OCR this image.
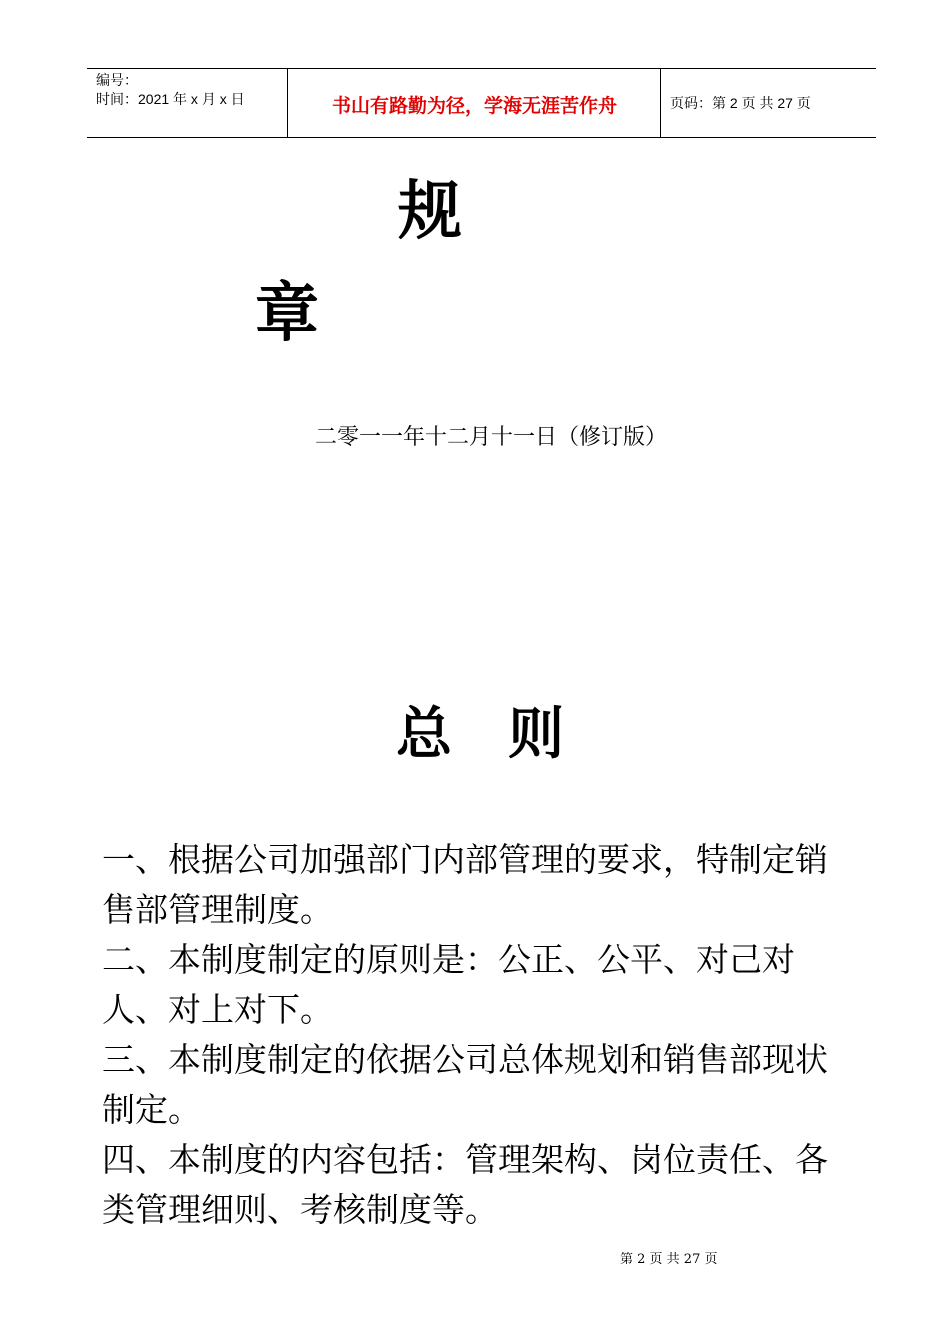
编号：
时间：2021 年 x 月 x 日	书山有路勤为径，学海无涯苦作舟	页码：第 2 页 共 27 页
规
章
二零一一年十二月十一日（修订版）
总 则

一、根据公司加强部门内部管理的要求，特制定销售部管理制度。

二、本制度制定的原则是：公正、公平、对己对人、对上对下。

三、本制度制定的依据公司总体规划和销售部现状制定。

四、本制度的内容包括：管理架构、岗位责任、各类管理细则、考核制度等。

第 2 页 共 27 页
